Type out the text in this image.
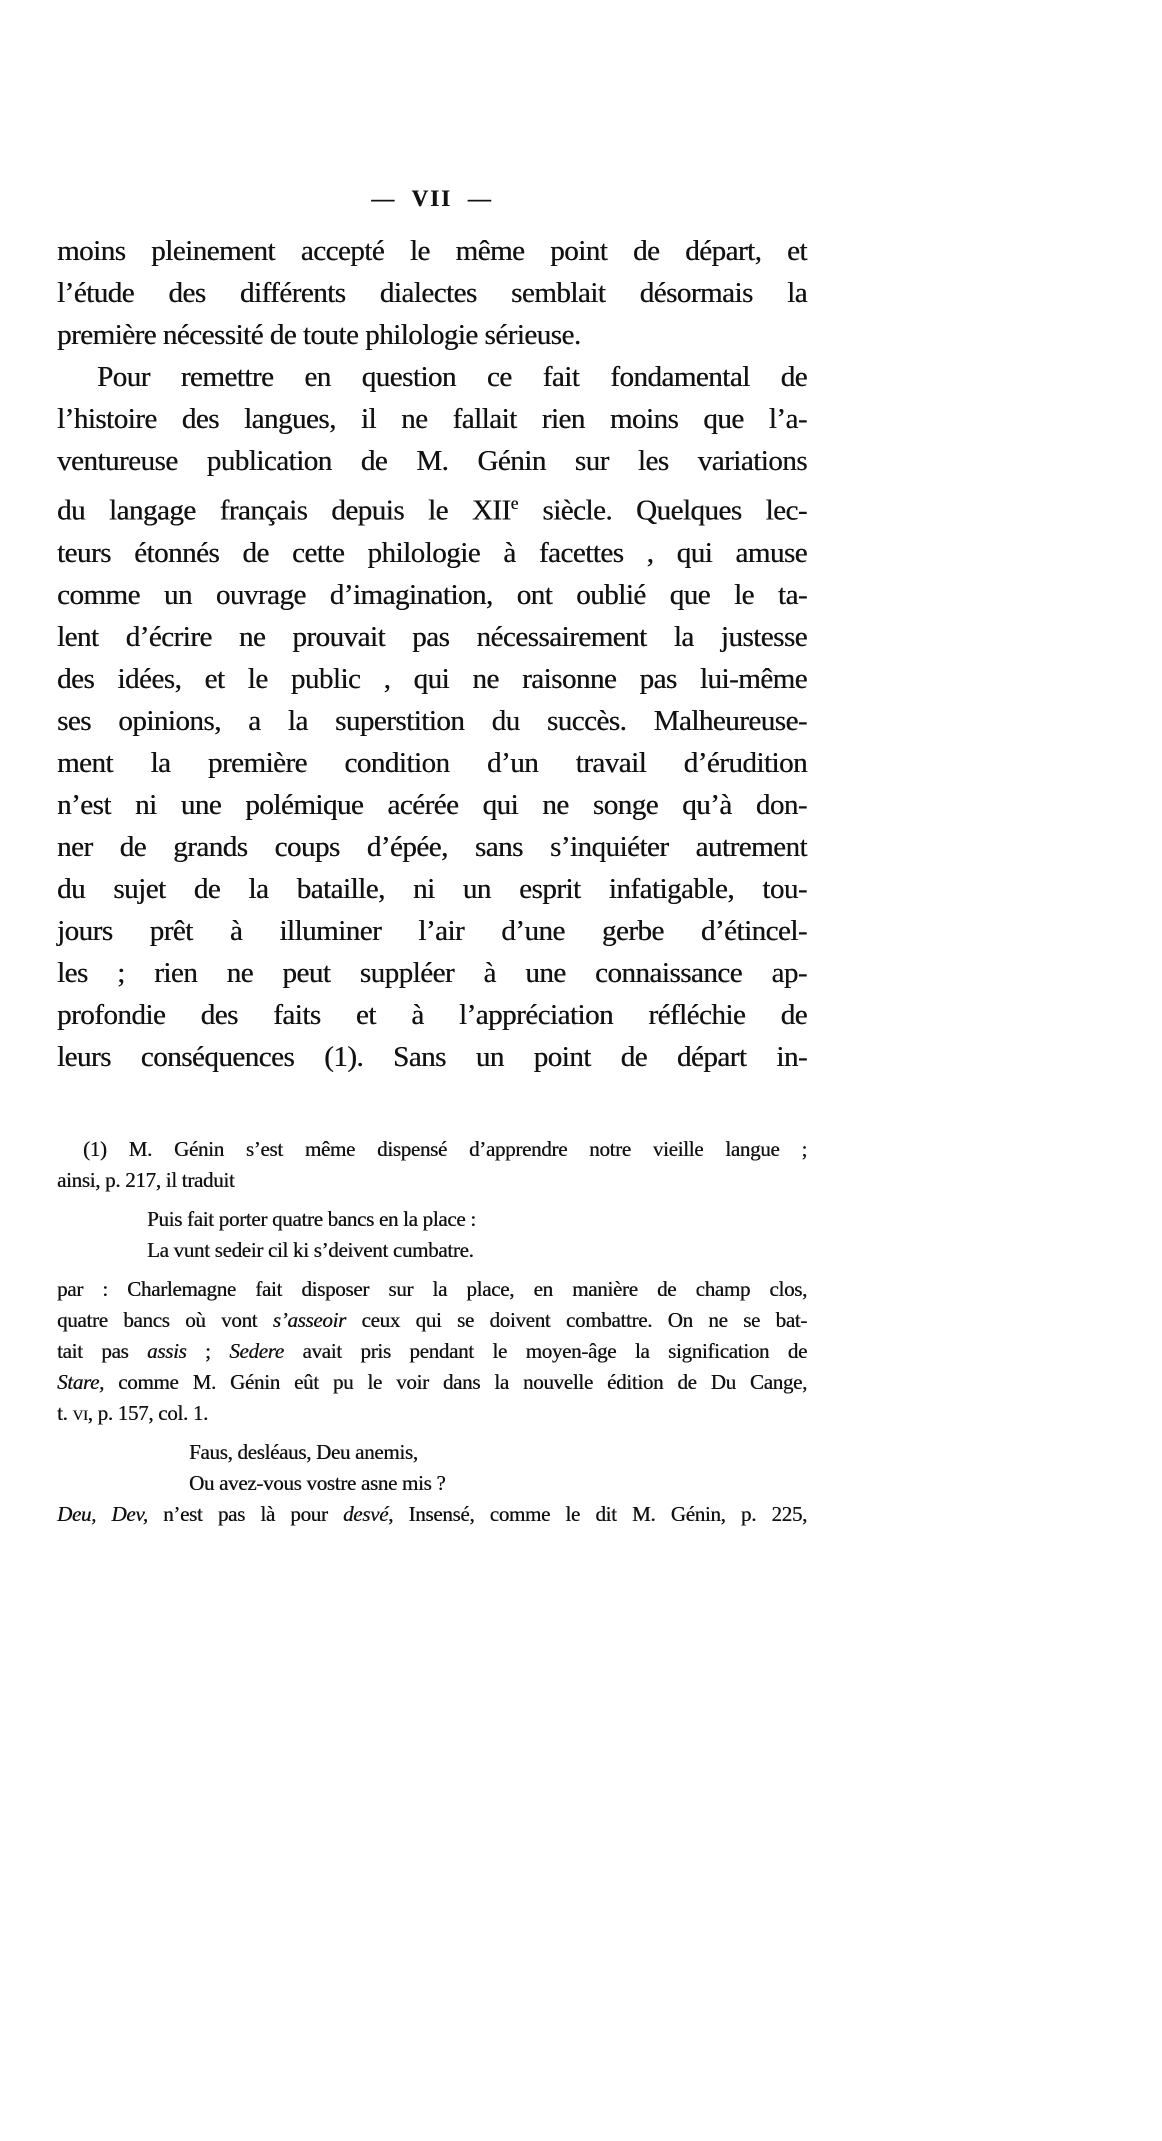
— VII —
moins pleinement accepté le même point de départ, et
l’étude des différents dialectes semblait désormais la
première nécessité de toute philologie sérieuse.
Pour remettre en question ce fait fondamental de
l’histoire des langues, il ne fallait rien moins que l’a-
ventureuse publication de M. Génin sur les variations
du langage français depuis le XIIe siècle. Quelques lec-
teurs étonnés de cette philologie à facettes , qui amuse
comme un ouvrage d’imagination, ont oublié que le ta-
lent d’écrire ne prouvait pas nécessairement la justesse
des idées, et le public , qui ne raisonne pas lui-même
ses opinions, a la superstition du succès. Malheureuse-
ment la première condition d’un travail d’érudition
n’est ni une polémique acérée qui ne songe qu’à don-
ner de grands coups d’épée, sans s’inquiéter autrement
du sujet de la bataille, ni un esprit infatigable, tou-
jours prêt à illuminer l’air d’une gerbe d’étincel-
les ; rien ne peut suppléer à une connaissance ap-
profondie des faits et à l’appréciation réfléchie de
leurs conséquences (1). Sans un point de départ in-
(1) M. Génin s’est même dispensé d’apprendre notre vieille langue ;
ainsi, p. 217, il traduit
Puis fait porter quatre bancs en la place :
La vunt sedeir cil ki s’deivent cumbatre.
par : Charlemagne fait disposer sur la place, en manière de champ clos,
quatre bancs où vont s’asseoir ceux qui se doivent combattre. On ne se bat-
tait pas assis ; Sedere avait pris pendant le moyen-âge la signification de
Stare, comme M. Génin eût pu le voir dans la nouvelle édition de Du Cange,
t. vi, p. 157, col. 1.
Faus, desléaus, Deu anemis,
Ou avez-vous vostre asne mis ?
Deu, Dev, n’est pas là pour desvé, Insensé, comme le dit M. Génin, p. 225,
